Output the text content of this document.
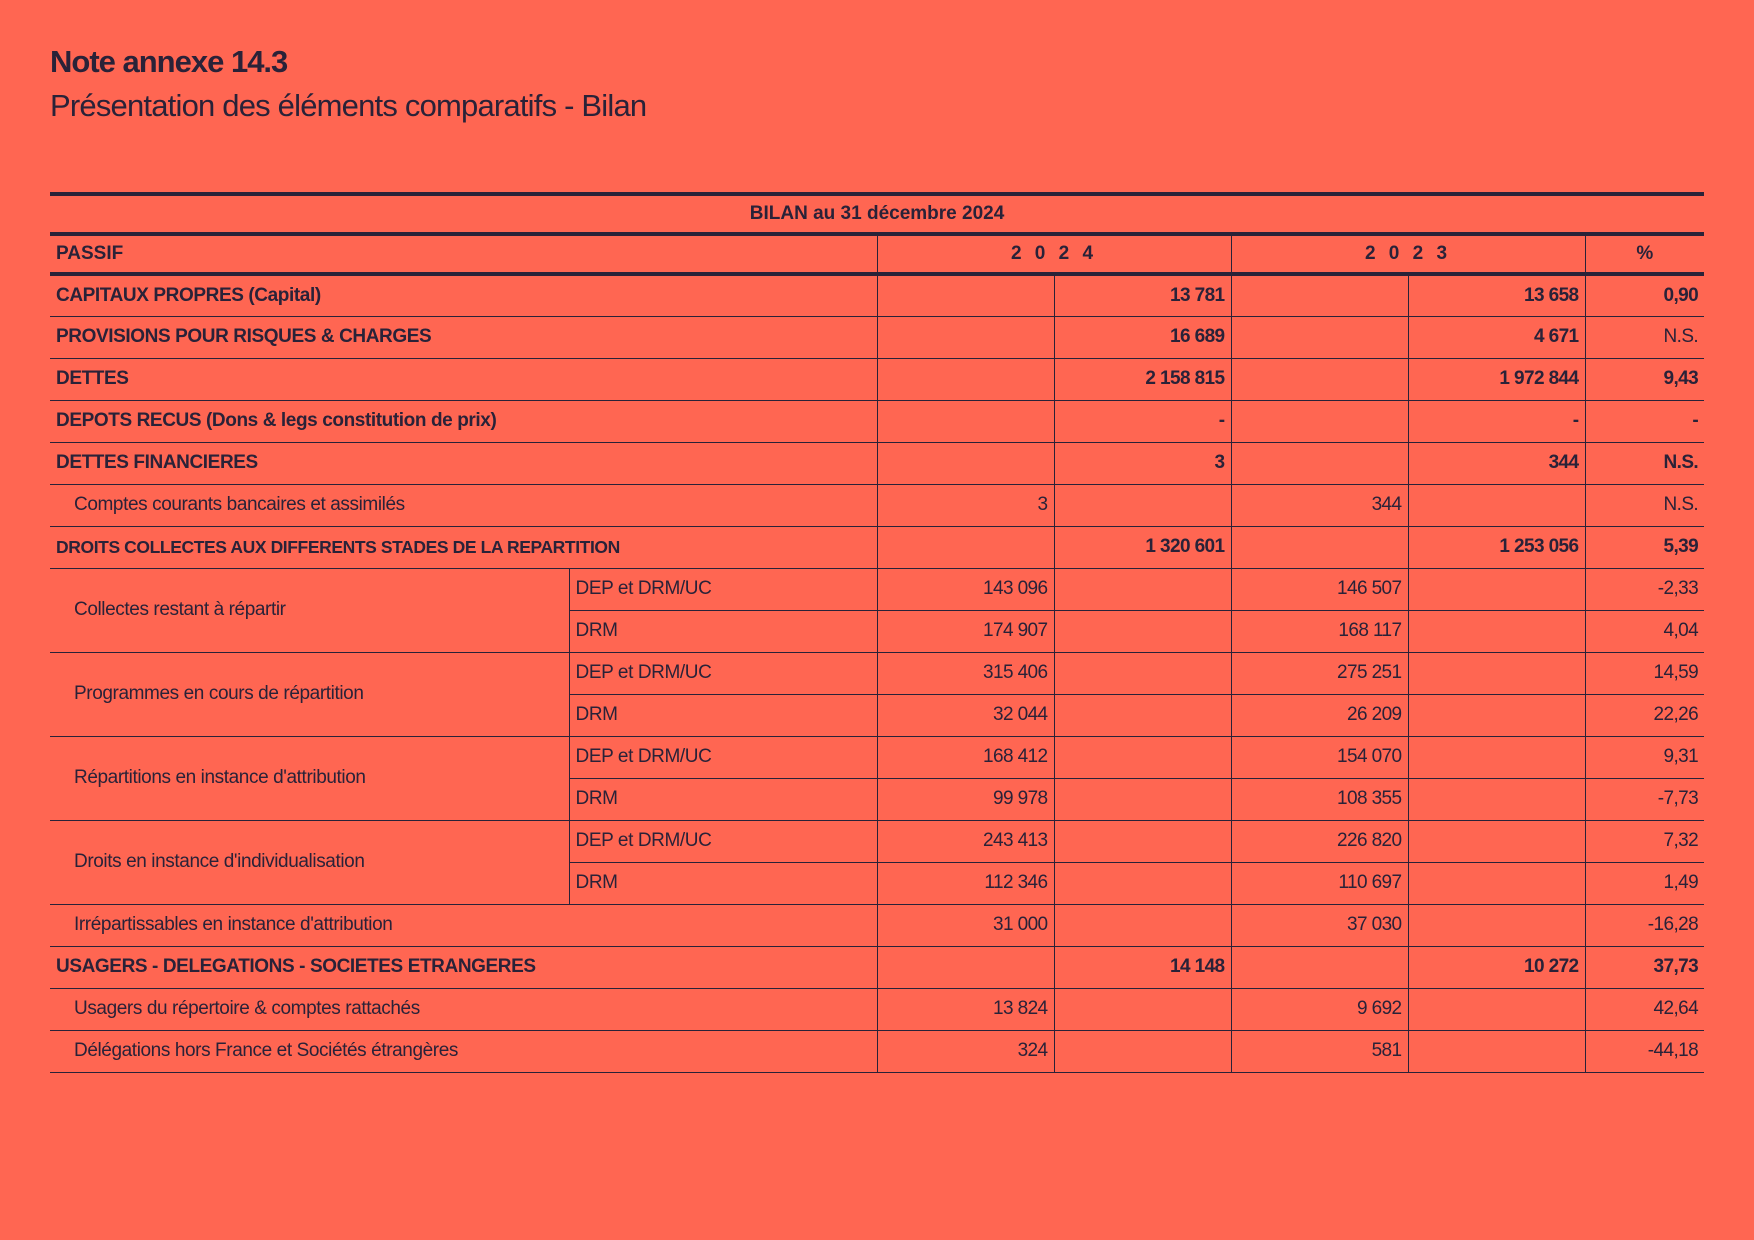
Note annexe 14.3
Présentation des éléments comparatifs - Bilan
BILAN au 31 décembre 2024						
PASSIF		2 0 2 4		2 0 2 3		%
CAPITAUX PROPRES (Capital)			13 781		13 658	0,90
PROVISIONS POUR RISQUES & CHARGES			16 689		4 671	N.S.
DETTES			2 158 815		1 972 844	9,43
DEPOTS RECUS (Dons & legs constitution de prix)			-		-	-
DETTES FINANCIERES			3		344	N.S.
Comptes courants bancaires et assimilés		3		344		N.S.
DROITS COLLECTES AUX DIFFERENTS STADES DE LA REPARTITION			1 320 601		1 253 056	5,39
Collectes restant à répartir	DEP et DRM/UC	143 096		146 507		-2,33
	DRM	174 907		168 117		4,04
Programmes en cours de répartition	DEP et DRM/UC	315 406		275 251		14,59
	DRM	32 044		26 209		22,26
Répartitions en instance d'attribution	DEP et DRM/UC	168 412		154 070		9,31
	DRM	99 978		108 355		-7,73
Droits en instance d'individualisation	DEP et DRM/UC	243 413		226 820		7,32
	DRM	112 346		110 697		1,49
Irrépartissables en instance d'attribution		31 000		37 030		-16,28
USAGERS - DELEGATIONS - SOCIETES ETRANGERES			14 148		10 272	37,73
Usagers du répertoire & comptes rattachés		13 824		9 692		42,64
Délégations hors France et Sociétés étrangères		324		581		-44,18
